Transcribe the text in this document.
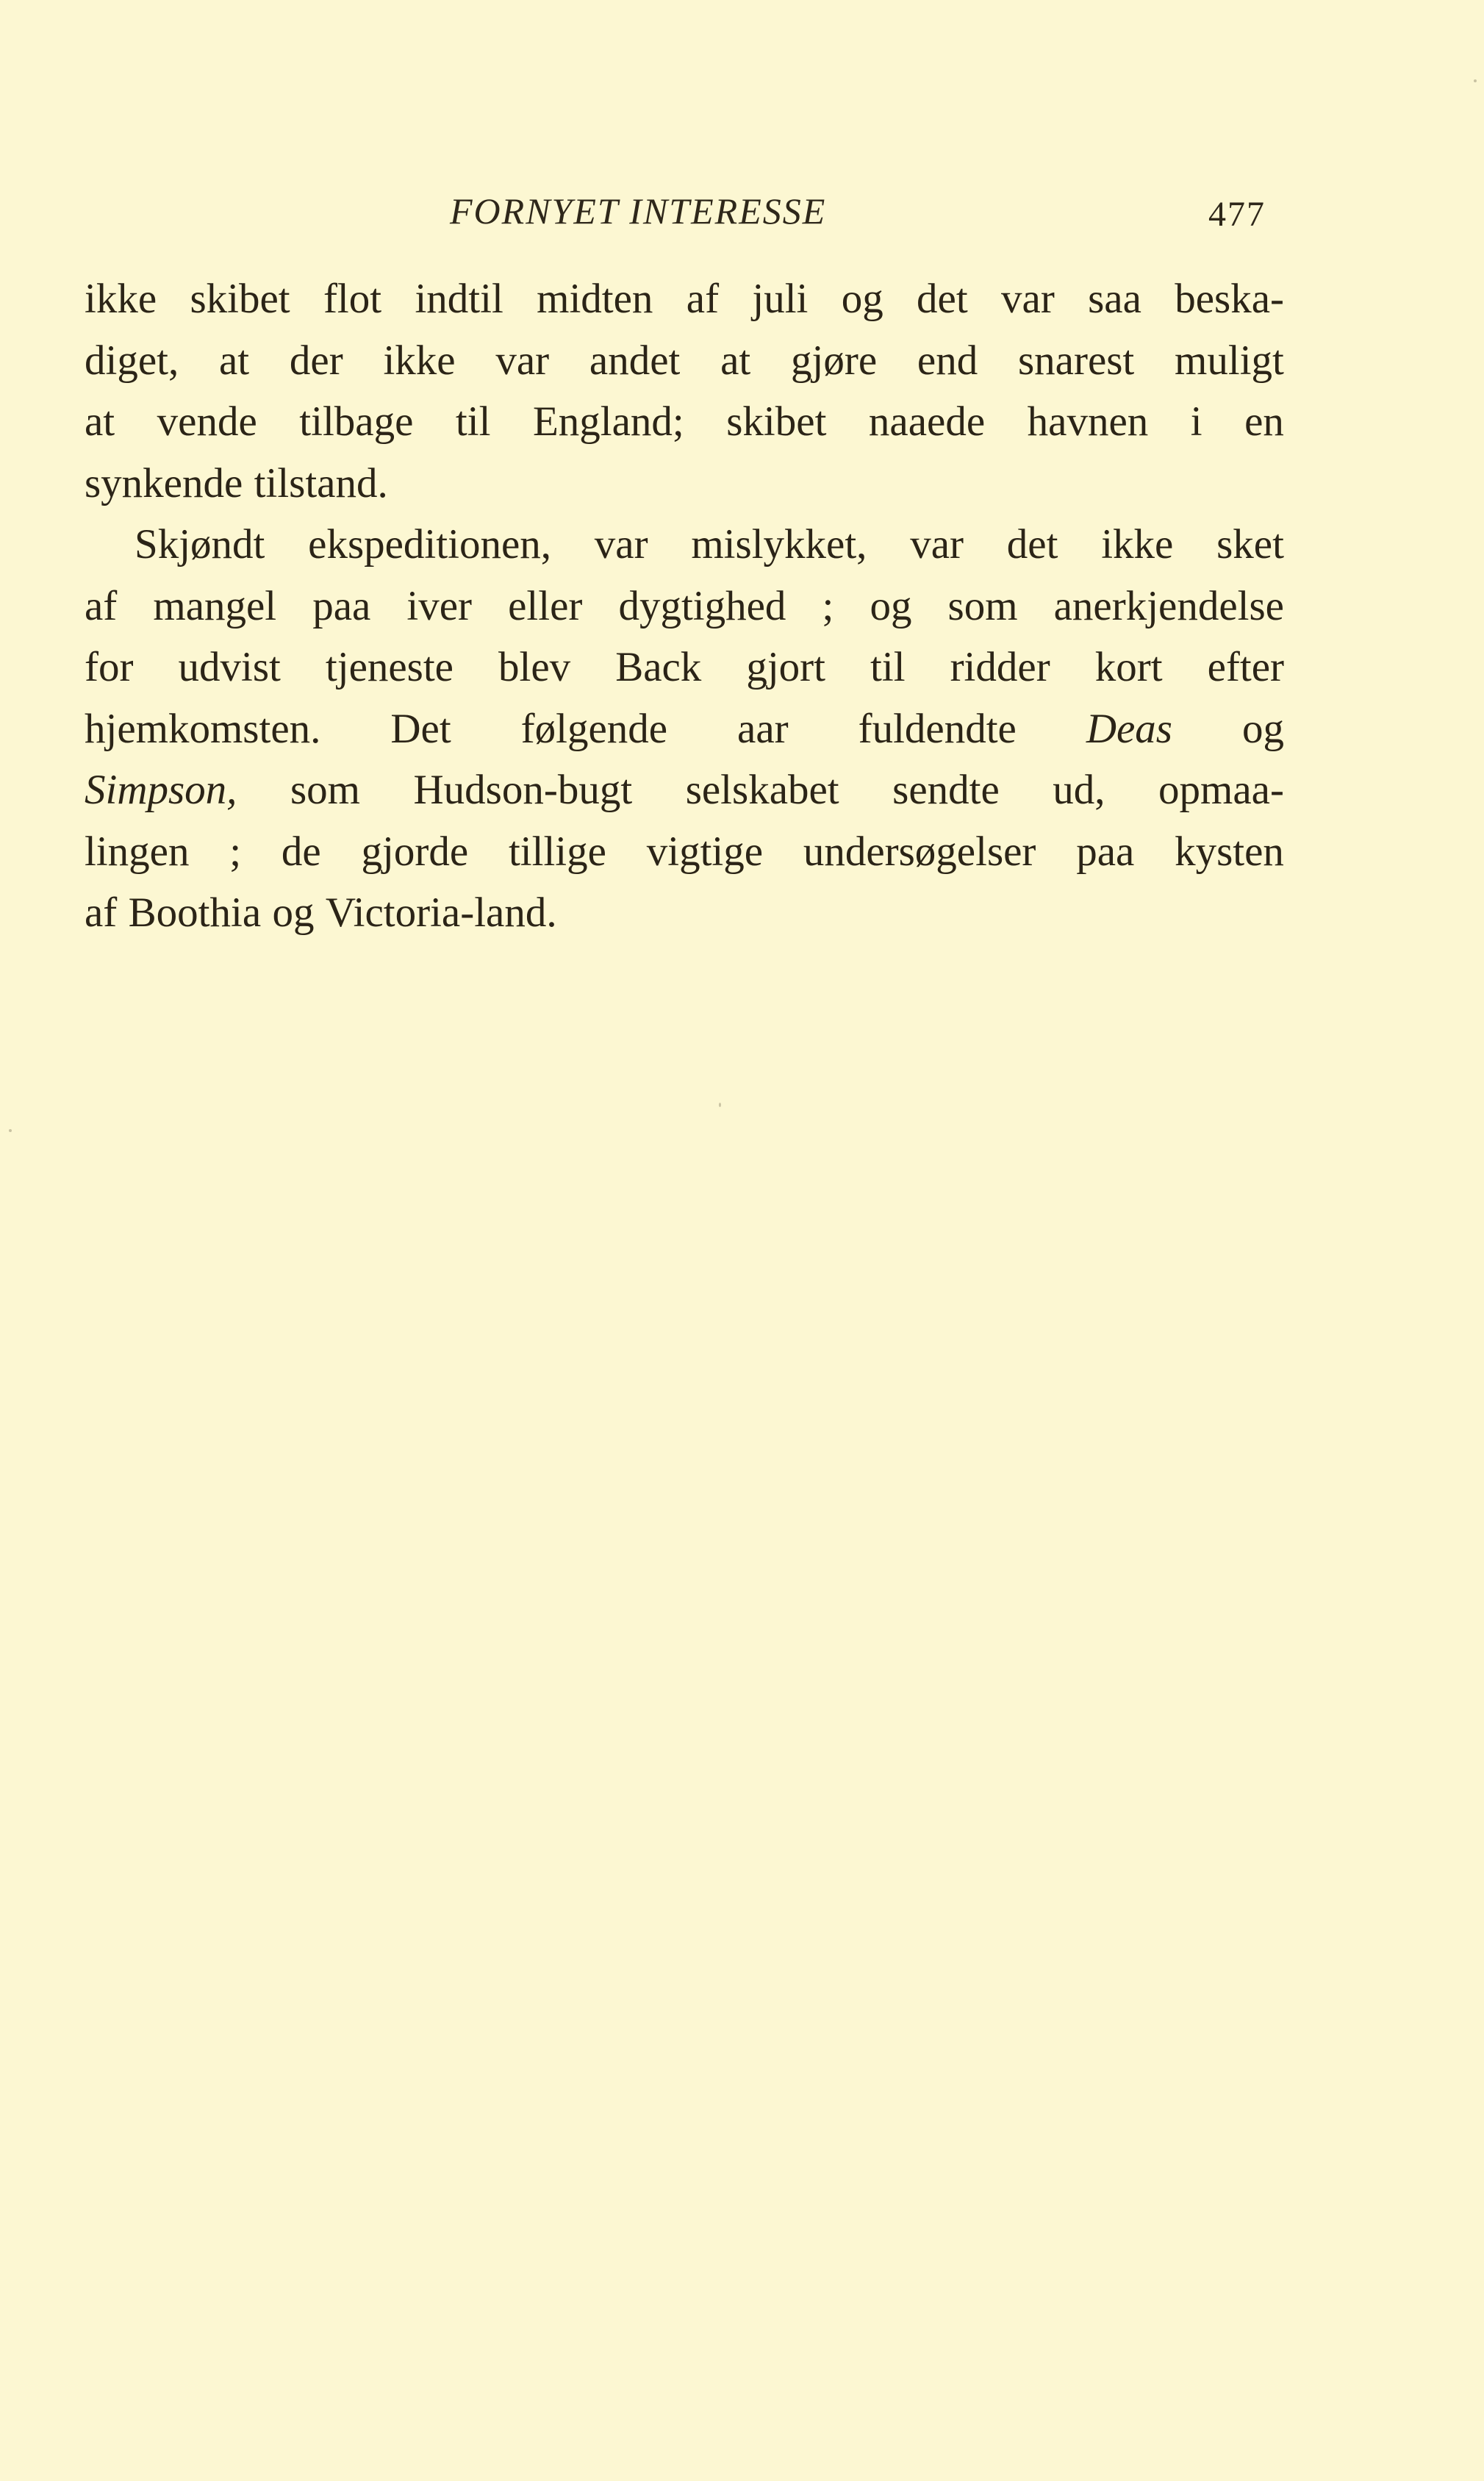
FORNYET INTERESSE	477
ikke skibet flot indtil midten af juli og det var saa beska-
diget, at der ikke var andet at gjøre end snarest muligt
at vende tilbage til England; skibet naaede havnen i en
synkende tilstand.
Skjøndt ekspeditionen, var mislykket, var det ikke sket
af mangel paa iver eller dygtighed ; og som anerkjendelse
for udvist tjeneste blev Back gjort til ridder kort efter
hjemkomsten. Det følgende aar fuldendte Deas og
Simpson, som Hudson-bugt selskabet sendte ud, opmaa-
lingen ; de gjorde tillige vigtige undersøgelser paa kysten
af Boothia og Victoria-land.
